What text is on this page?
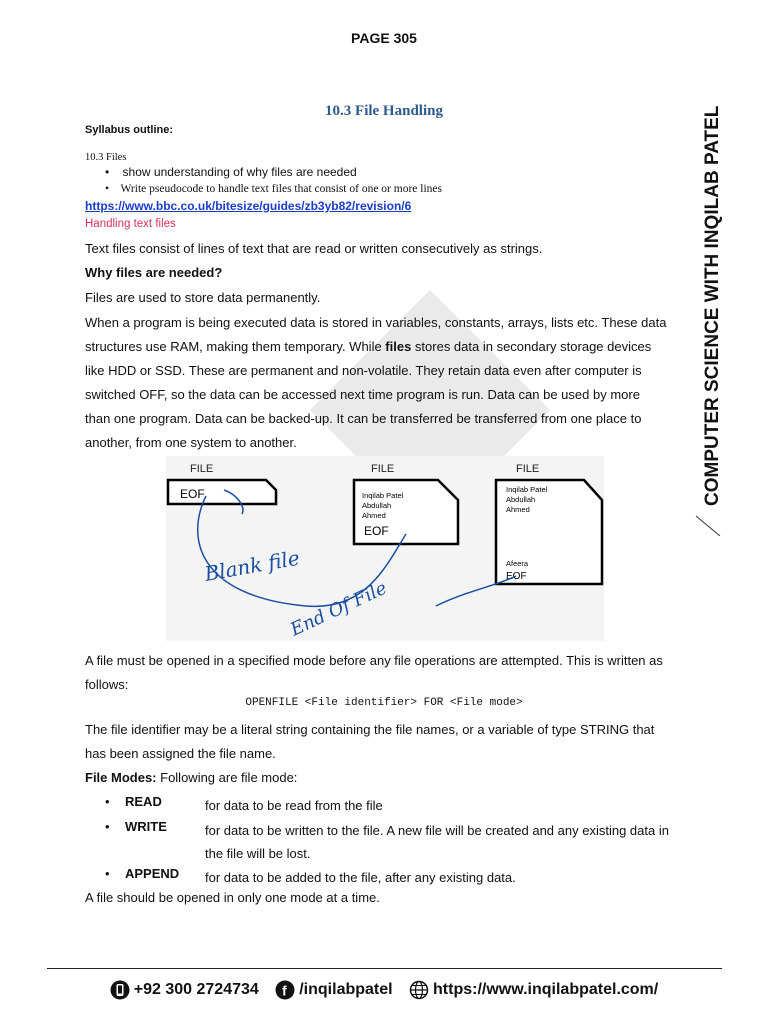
PAGE 305
COMPUTER SCIENCE WITH INQILAB PATEL
10.3 File Handling
Syllabus outline:
10.3 Files
•    show understanding of why files are needed
•    Write pseudocode to handle text files that consist of one or more lines
https://www.bbc.co.uk/bitesize/guides/zb3yb82/revision/6
Handling text files
Text files consist of lines of text that are read or written consecutively as strings.
Why files are needed?
Files are used to store data permanently.
When a program is being executed data is stored in variables, constants, arrays, lists etc. These data
structures use RAM, making them temporary. While files stores data in secondary storage devices
like HDD or SSD. These are permanent and non-volatile. They retain data even after computer is
switched OFF, so the data can be accessed next time program is run. Data can be used by more
than one program. Data can be backed-up. It can be transferred be transferred from one place to
another, from one system to another.
FILE
EOF
FILE
Inqilab Patel
Abdullah
Ahmed
EOF
FILE
Inqilab Patel
Abdullah
Ahmed
Afeera
EOF
Blank file
End Of File
A file must be opened in a specified mode before any file operations are attempted. This is written as
follows:
OPENFILE <File identifier> FOR <File mode>
The file identifier may be a literal string containing the file names, or a variable of type STRING that
has been assigned the file name.
File Modes: Following are file mode:
• READ	for data to be read from the file
• WRITE	for data to be written to the file. A new file will be created and any existing data in the file will be lost.
• APPEND for data to be added to the file, after any existing data.
A file should be opened in only one mode at a time.
+92 300 2724734
f /inqilabpatel
	https://www.inqilabpatel.com/
